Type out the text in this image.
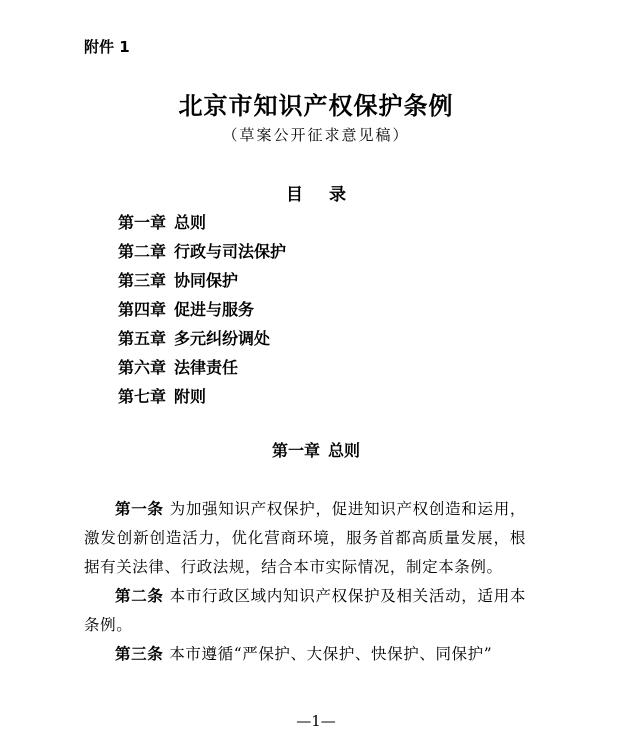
附件 1
北京市知识产权保护条例
（草案公开征求意见稿）
目 录
第一章 总则
第二章 行政与司法保护
第三章 协同保护
第四章 促进与服务
第五章 多元纠纷调处
第六章 法律责任
第七章 附则
第一章 总则

第一条 为加强知识产权保护，促进知识产权创造和运用，激发创新创造活力，优化营商环境，服务首都高质量发展，根据有关法律、行政法规，结合本市实际情况，制定本条例。

第二条 本市行政区域内知识产权保护及相关活动，适用本条例。

第三条 本市遵循“严保护、大保护、快保护、同保护”

—1—
